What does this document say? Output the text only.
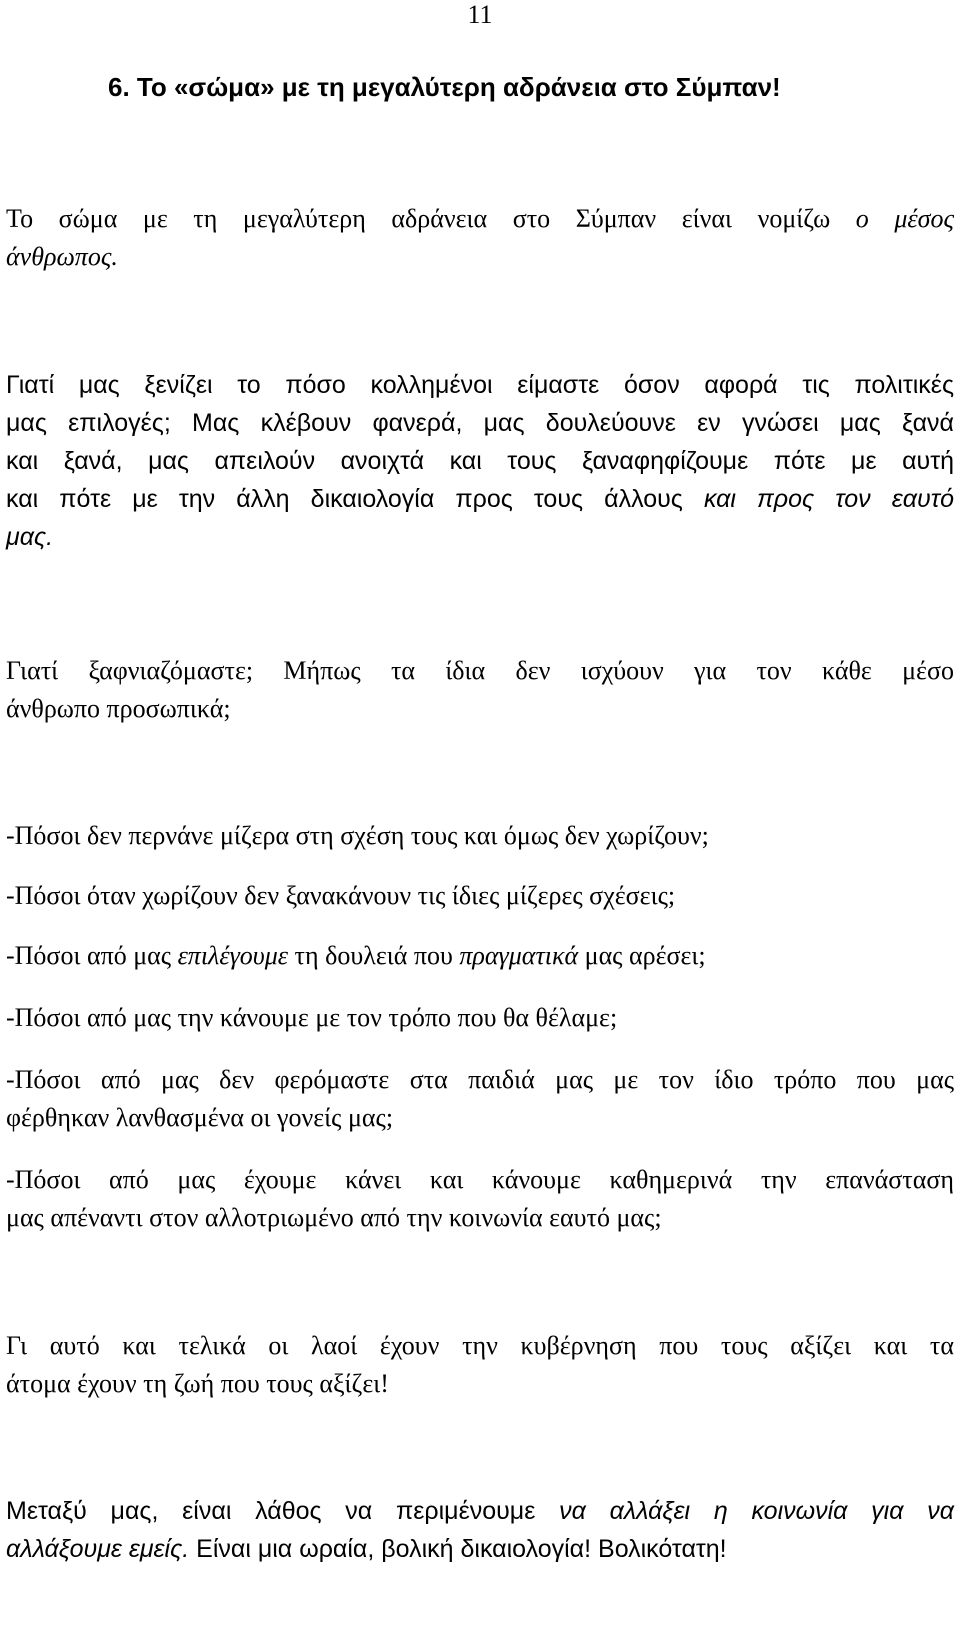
11
6. Το «σώμα» με τη μεγαλύτερη αδράνεια στο Σύμπαν!
Το σώμα με τη μεγαλύτερη αδράνεια στο Σύμπαν είναι νομίζω ο μέσος
άνθρωπος.
Γιατί μας ξενίζει το πόσο κολλημένοι είμαστε όσον αφορά τις πολιτικές
μας επιλογές; Μας κλέβουν φανερά, μας δουλεύουνε εν γνώσει μας ξανά
και ξανά, μας απειλούν ανοιχτά και τους ξαναφηφίζουμε πότε με αυτή
και πότε με την άλλη δικαιολογία προς τους άλλους και προς τον εαυτό
μας.
Γιατί ξαφνιαζόμαστε; Μήπως τα ίδια δεν ισχύουν για τον κάθε μέσο
άνθρωπο προσωπικά;
-Πόσοι δεν περνάνε μίζερα στη σχέση τους και όμως δεν χωρίζουν;
-Πόσοι όταν χωρίζουν δεν ξανακάνουν τις ίδιες μίζερες σχέσεις;
-Πόσοι από μας επιλέγουμε τη δουλειά που πραγματικά μας αρέσει;
-Πόσοι από μας την κάνουμε με τον τρόπο που θα θέλαμε;
-Πόσοι από μας δεν φερόμαστε στα παιδιά μας με τον ίδιο τρόπο που μας
φέρθηκαν λανθασμένα οι γονείς μας;
-Πόσοι από μας έχουμε κάνει και κάνουμε καθημερινά την επανάσταση
μας απέναντι στον αλλοτριωμένο από την κοινωνία εαυτό μας;
Γι αυτό και τελικά οι λαοί έχουν την κυβέρνηση που τους αξίζει και τα
άτομα έχουν τη ζωή που τους αξίζει!
Μεταξύ μας, είναι λάθος να περιμένουμε να αλλάξει η κοινωνία για να
αλλάξουμε εμείς. Είναι μια ωραία, βολική δικαιολογία! Βολικότατη!
